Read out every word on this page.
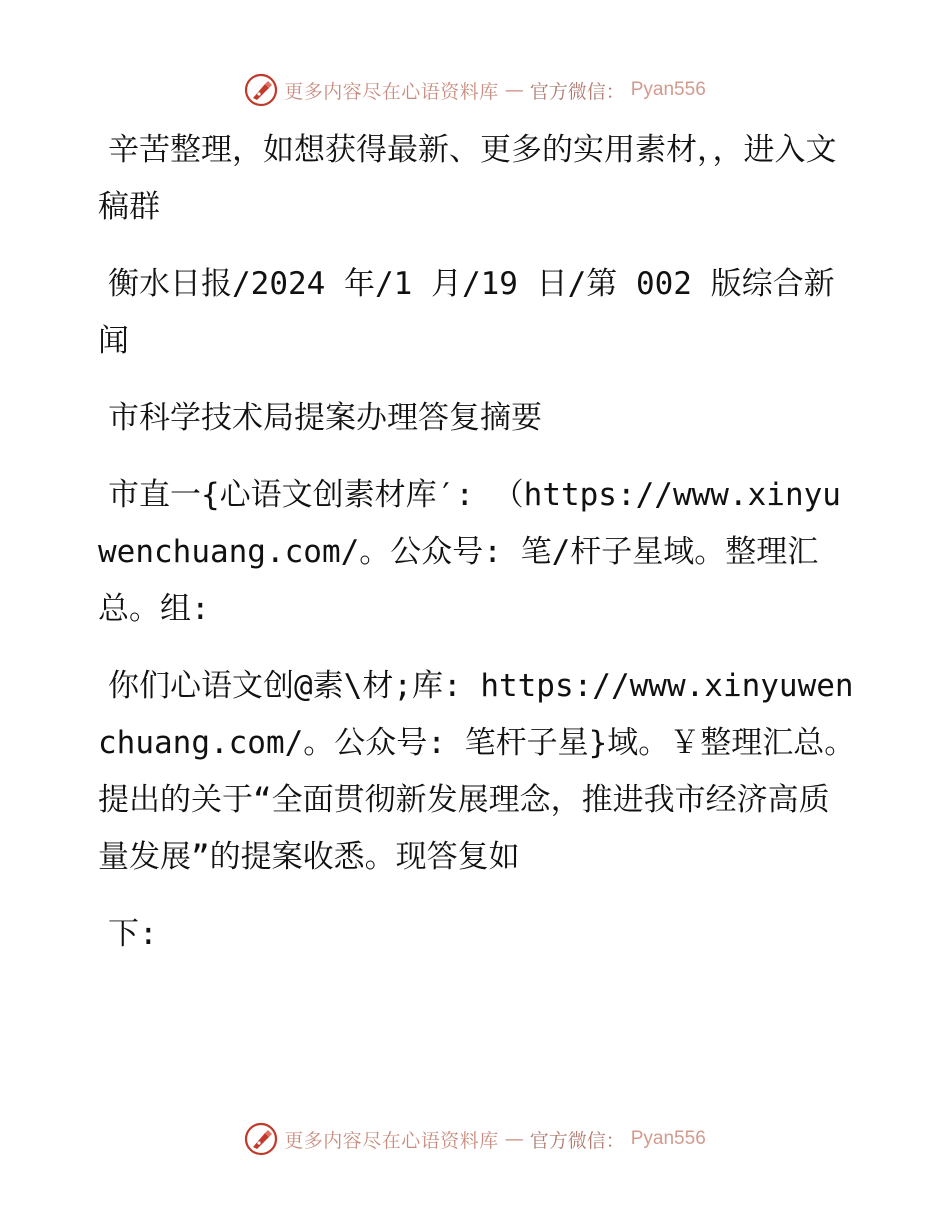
更多内容尽在心语资料库 — 官方微信： Pyan556

辛苦整理，如想获得最新、更多的实用素材，，进入文稿群

衡水日报/2024 年/1 月/19 日/第 002 版综合新闻

市科学技术局提案办理答复摘要

市直一{心语文创素材库′: （https://www.xinyuwenchuang.com/。公众号: 笔/杆子星域。整理汇总。组:

你们心语文创@素\材;库: https://www.xinyuwenchuang.com/。公众号: 笔杆子星}域。￥整理汇总。提出的关于“全面贯彻新发展理念，推进我市经济高质量发展”的提案收悉。现答复如

下:

更多内容尽在心语资料库 — 官方微信： Pyan556
